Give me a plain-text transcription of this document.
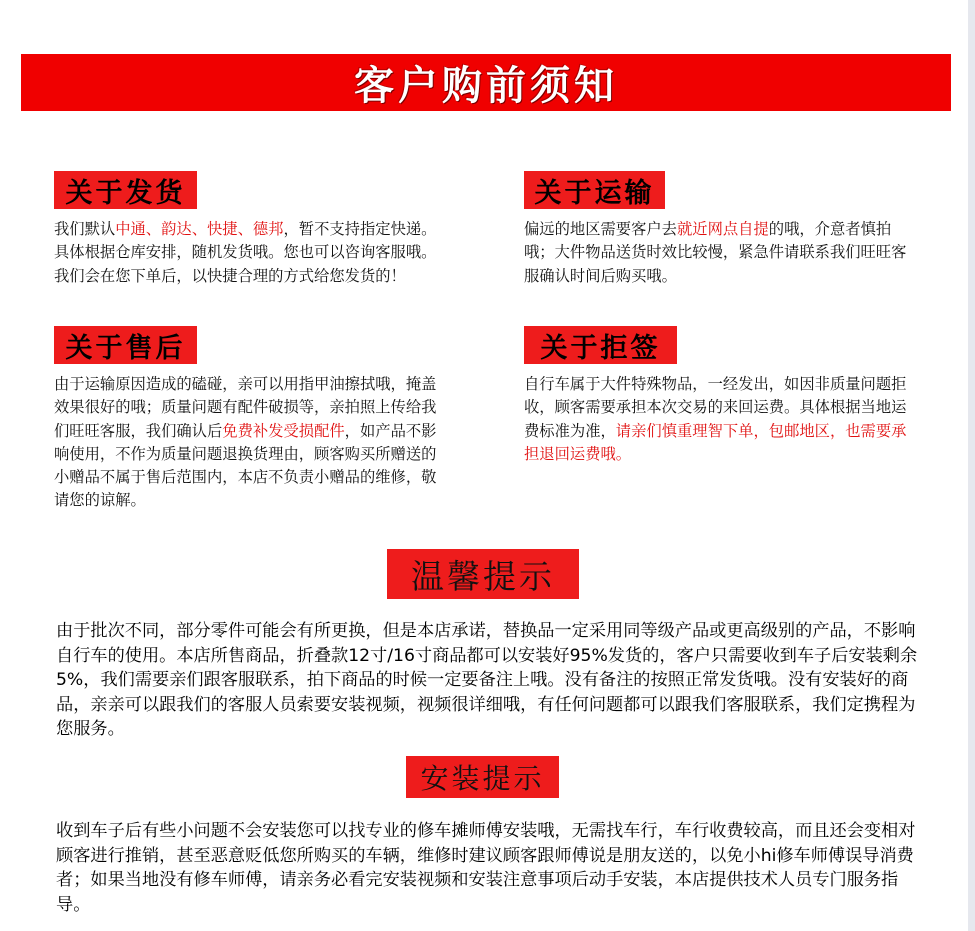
客户购前须知
关于发货

我们默认中通、韵达、快捷、德邦，暂不支持指定快递。具体根据仓库安排，随机发货哦。您也可以咨询客服哦。我们会在您下单后，以快捷合理的方式给您发货的！

关于运输

偏远的地区需要客户去就近网点自提的哦，介意者慎拍哦；大件物品送货时效比较慢，紧急件请联系我们旺旺客服确认时间后购买哦。

关于售后

由于运输原因造成的磕碰，亲可以用指甲油擦拭哦，掩盖效果很好的哦；质量问题有配件破损等，亲拍照上传给我们旺旺客服，我们确认后免费补发受损配件，如产品不影响使用，不作为质量问题退换货理由，顾客购买所赠送的小赠品不属于售后范围内，本店不负责小赠品的维修，敬请您的谅解。

关于拒签

自行车属于大件特殊物品，一经发出，如因非质量问题拒收，顾客需要承担本次交易的来回运费。具体根据当地运费标准为准，请亲们慎重理智下单，包邮地区，也需要承担退回运费哦。

温馨提示

由于批次不同，部分零件可能会有所更换，但是本店承诺，替换品一定采用同等级产品或更高级别的产品，不影响自行车的使用。本店所售商品，折叠款12寸/16寸商品都可以安装好95%发货的，客户只需要收到车子后安装剩余5%，我们需要亲们跟客服联系，拍下商品的时候一定要备注上哦。没有备注的按照正常发货哦。没有安装好的商品，亲亲可以跟我们的客服人员索要安装视频，视频很详细哦，有任何问题都可以跟我们客服联系，我们定携程为您服务。

安装提示

收到车子后有些小问题不会安装您可以找专业的修车摊师傅安装哦，无需找车行，车行收费较高，而且还会变相对顾客进行推销，甚至恶意贬低您所购买的车辆，维修时建议顾客跟师傅说是朋友送的，以免小hi修车师傅误导消费者；如果当地没有修车师傅，请亲务必看完安装视频和安装注意事项后动手安装，本店提供技术人员专门服务指导。
